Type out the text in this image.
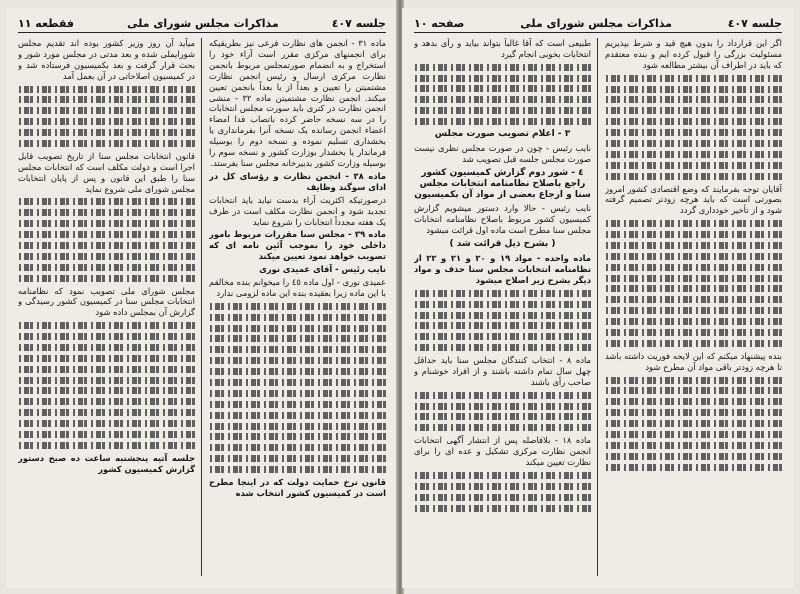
جلسه ٤٠٧
مذاکرات مجلس شورای ملی
فقطعه ۱۱

ماده ۳۱ - انجمن های نظارت فرعی نیز بطریقیکه برای انجمنهای مرکزی مقرر است آراء خود را استخراج و به انضمام صورتمجلس مربوط بانجمن نظارت مرکزی ارسال و رئیس انجمن نظارت مشتمیتن را تعیین و بعداً از یا بعداً بانجمن تعیین میکند. انجمن نظارت مشتمیتن ماده ۳۲ - منشی انجمن نظارت در کتری باید سورت مجلس انتخابات را در سه نسخه حاضر کرده باتصاب فدا امضاء اعضاء انجمن رسانده یک نسخه آنرا بفرمانداری یا بخشداری تسلیم نموده و نسخه دوم را بوسیله فرماندار یا بخشدار بوزارت کشور و نسخه سوم را بوسیله وزارت کشور بدبیرخانه مجلس سنا بفرستد.

ماده ۳۸ - انجمن نظارت و رؤسای کل در ادای سوگند وظایف

درصورتیکه اکثریت آراء بدست نیاید باید انتخابات تجدید شود و انجمن نظارت مکلف است در ظرف یک هفته مجدداً انتخابات را شروع نماید

ماده ۳۹ - مجلس سنا مقررات مربوط بامور داخلی خود را بموجب آئین نامه ای که تصویب خواهد نمود تعیین میکند

نایب رئیس - آقای عمیدی نوری

عمیدی نوری - اول ماده ٤٥ را میخوانم بنده مخالفم با این ماده زیرا بعقیده بنده این ماده لزومی ندارد

قانون نرخ حمایت دولت که در اینجا مطرح است در کمیسیون کشور انتخاب شده

میآید آن روز وزیر کشور بوده اند تقدیم مجلس شورایملی شده و بعد مدتی در مجلس مورد شور و بحث قرار گرفت و بعد بکمیسیون فرستاده شد و در کمیسیون اصلاحاتی در آن بعمل آمد

قانون انتخابات مجلس سنا از تاریخ تصویب قابل اجرا است و دولت مکلف است که انتخابات مجلس سنا را طبق این قانون و پس از پایان انتخابات مجلس شورای ملی شروع نماید

مجلس شورای ملی تصویب نمود که نظامنامه انتخابات مجلس سنا در کمیسیون کشور رسیدگی و گزارش آن بمجلس داده شود

جلسه آتیه پنجشنبه ساعت ده صبح دستور گزارش کمیسیون کشور

جلسه ٤٠٧
مذاکرات مجلس شورای ملی
صفحه ۱۰

اگر این قرارداد را بدون هیچ قید و شرط بپذیریم مسئولیت بزرگی را قبول کرده ایم و بنده معتقدم که باید در اطراف آن بیشتر مطالعه شود

آقایان توجه بفرمایند که وضع اقتصادی کشور امروز بصورتی است که باید هرچه زودتر تصمیم گرفته شود و از تأخیر خودداری گردد

بنده پیشنهاد میکنم که این لایحه فوریت داشته باشد تا هرچه زودتر باقی مواد آن مطرح شود

طبیعی است که آقا غالباً بتواند بیاید و رأی بدهد و انتخابات بخوبی انجام گیرد

۳ - اعلام تصویب صورت مجلس

نایب رئیس - چون در صورت مجلس نظری نیست صورت مجلس جلسه قبل تصویب شد

٤ - شور دوم گزارش کمیسیون کشور راجع باصلاح نظامنامه انتخابات مجلس سنا و ارجاع بعضی از مواد آن بکمیسیون

نایب رئیس - حالا وارد دستور میشویم گزارش کمیسیون کشور مربوط باصلاح نظامنامه انتخابات مجلس سنا مطرح است ماده اول قرائت میشود

( بشرح ذیل قرائت شد )

ماده واحده - مواد ۱۹ و ۲۰ و ۲۱ و ۲۲ از نظامنامه انتخابات مجلس سنا حذف و مواد دیگر بشرح زیر اصلاح میشود

ماده ۸ - انتخاب کنندگان مجلس سنا باید حداقل چهل سال تمام داشته باشند و از افراد خوشنام و صاحب رأی باشند

ماده ۱۸ - بلافاصله پس از انتشار آگهی انتخابات انجمن نظارت مرکزی تشکیل و عده ای را برای نظارت تعیین میکند
